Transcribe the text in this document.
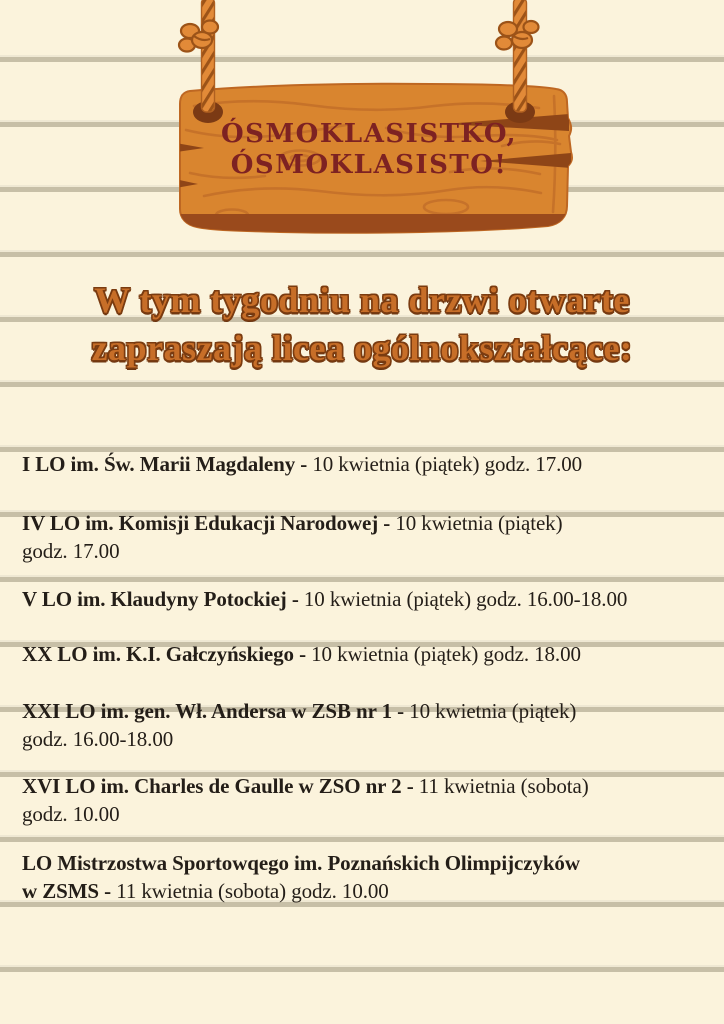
ÓSMOKLASISTKO,
ÓSMOKLASISTO!
W tym tygodniu na drzwi otwarte
zapraszają licea ogólnokształcące:
I LO im. Św. Marii Magdaleny - 10 kwietnia (piątek) godz. 17.00
IV LO im. Komisji Edukacji Narodowej - 10 kwietnia (piątek)
godz. 17.00
V LO im. Klaudyny Potockiej - 10 kwietnia (piątek) godz. 16.00-18.00
XX LO im. K.I. Gałczyńskiego - 10 kwietnia (piątek) godz. 18.00
XXI LO im. gen. Wł. Andersa w ZSB nr 1 - 10 kwietnia (piątek)
godz. 16.00-18.00
XVI LO im. Charles de Gaulle w ZSO nr 2 - 11 kwietnia (sobota)
godz. 10.00
LO Mistrzostwa Sportowqego im. Poznańskich Olimpijczyków
w ZSMS - 11 kwietnia (sobota) godz. 10.00
